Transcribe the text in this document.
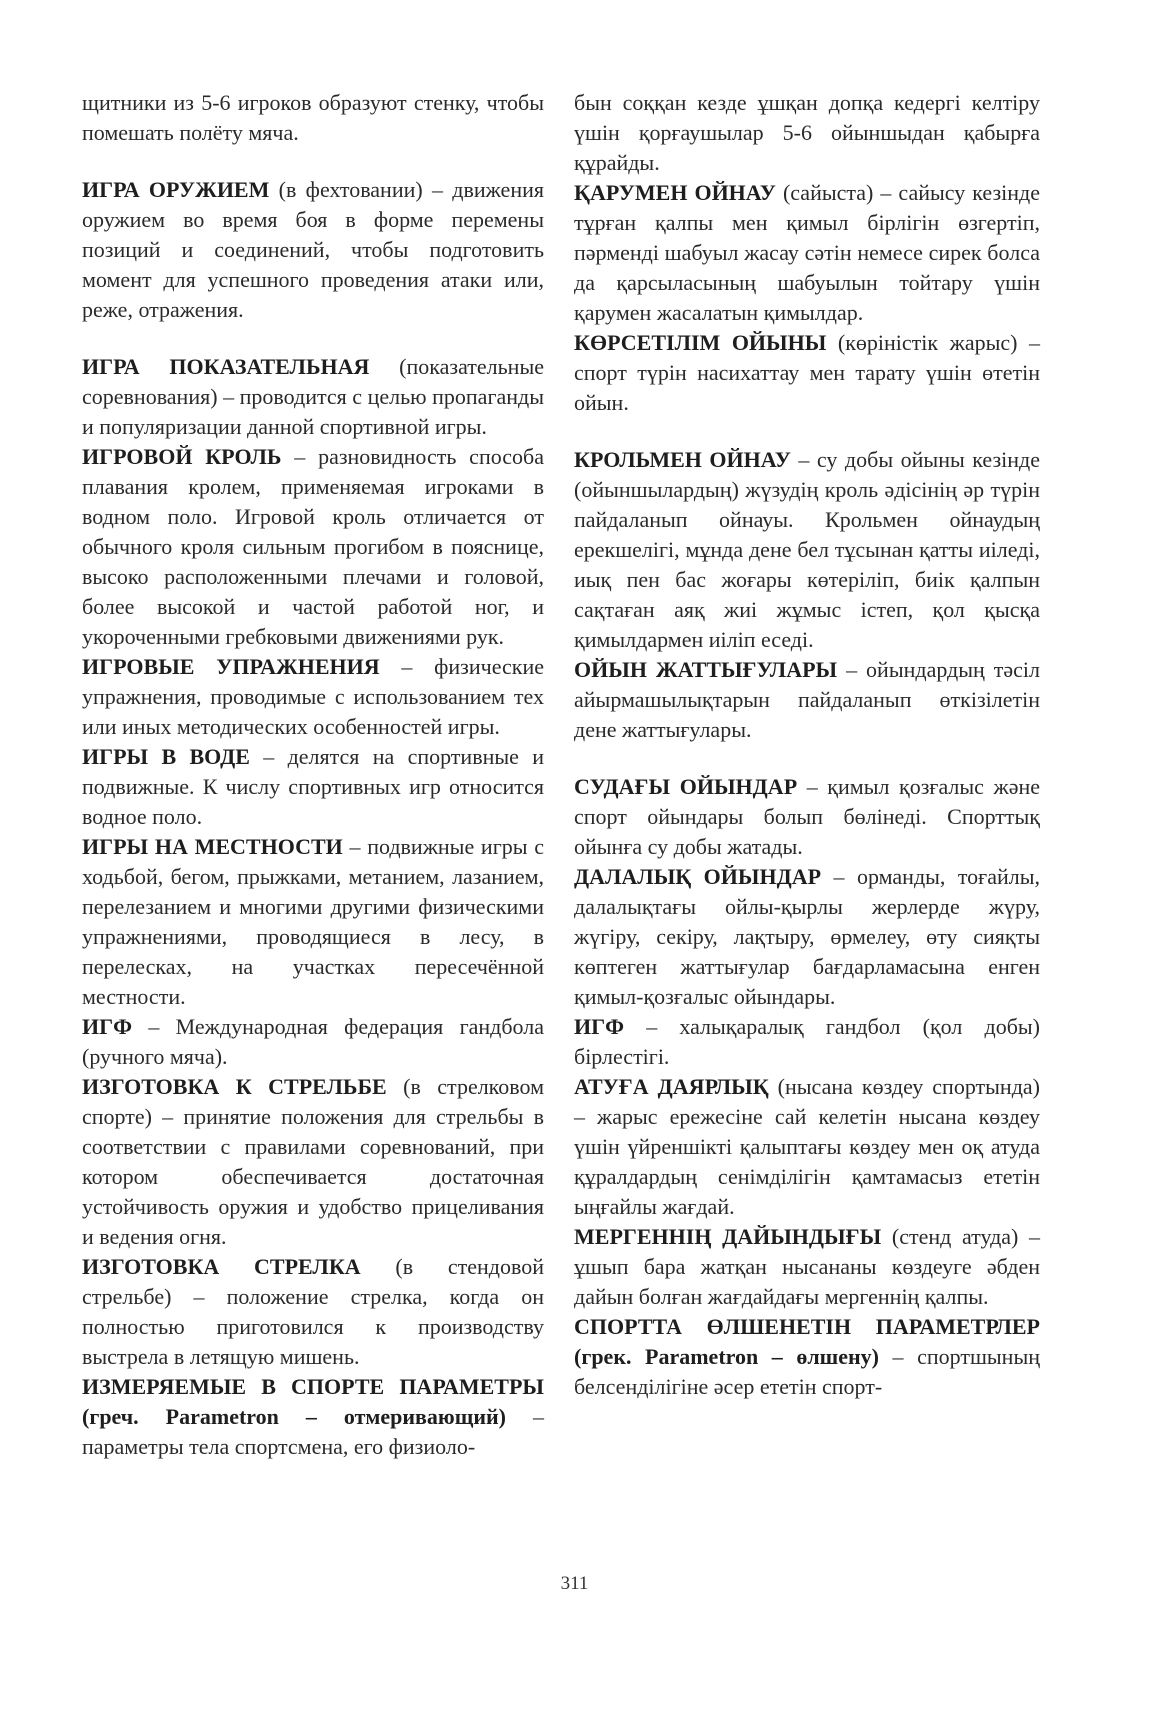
щитники из 5-6 игроков образуют стенку, чтобы помешать полёту мяча.

ИГРА ОРУЖИЕМ (в фехтовании) – движения оружием во время боя в форме перемены позиций и соединений, чтобы подготовить момент для успешного проведения атаки или, реже, отражения.

ИГРА ПОКАЗАТЕЛЬНАЯ (показательные соревнования) – проводится с целью пропаганды и популяризации данной спортивной игры.

ИГРОВОЙ КРОЛЬ – разновидность способа плавания кролем, применяемая игроками в водном поло. Игровой кроль отличается от обычного кроля сильным прогибом в пояснице, высоко расположенными плечами и головой, более высокой и частой работой ног, и укороченными гребковыми движениями рук.

ИГРОВЫЕ УПРАЖНЕНИЯ – физические упражнения, проводимые с использованием тех или иных методических особенностей игры.

ИГРЫ В ВОДЕ – делятся на спортивные и подвижные. К числу спортивных игр относится водное поло.

ИГРЫ НА МЕСТНОСТИ – подвижные игры с ходьбой, бегом, прыжками, метанием, лазанием, перелезанием и многими другими физическими упражнениями, проводящиеся в лесу, в перелесках, на участках пересечённой местности.

ИГФ – Международная федерация гандбола (ручного мяча).

ИЗГОТОВКА К СТРЕЛЬБЕ (в стрелковом спорте) – принятие положения для стрельбы в соответствии с правилами соревнований, при котором обеспечивается достаточная устойчивость оружия и удобство прицеливания и ведения огня.

ИЗГОТОВКА СТРЕЛКА (в стендовой стрельбе) – положение стрелка, когда он полностью приготовился к производству выстрела в летящую мишень.

ИЗМЕРЯЕМЫЕ В СПОРТЕ ПАРАМЕТРЫ (греч. Parametron – отмеривающий) – параметры тела спортсмена, его физиоло-

бын соққан кезде ұшқан допқа кедергі келтіру үшін қорғаушылар 5-6 ойыншыдан қабырға құрайды.

ҚАРУМЕН ОЙНАУ (сайыста) – сайысу кезінде тұрған қалпы мен қимыл бірлігін өзгертіп, пәрменді шабуыл жасау сәтін немесе сирек болса да қарсыласының шабуылын тойтару үшін қарумен жасалатын қимылдар.

КӨРСЕТІЛІМ ОЙЫНЫ (көріністік жарыс) – спорт түрін насихаттау мен тарату үшін өтетін ойын.

КРОЛЬМЕН ОЙНАУ – су добы ойыны кезінде (ойыншылардың) жүзудің кроль әдісінің әр түрін пайдаланып ойнауы. Крольмен ойнаудың ерекшелігі, мұнда дене бел тұсынан қатты иіледі, иық пен бас жоғары көтеріліп, биік қалпын сақтаған аяқ жиі жұмыс істеп, қол қысқа қимылдармен иіліп еседі.

ОЙЫН ЖАТТЫҒУЛАРЫ – ойындардың тәсіл айырмашылықтарын пайдаланып өткізілетін дене жаттығулары.

СУДАҒЫ ОЙЫНДАР – қимыл қозғалыс және спорт ойындары болып бөлінеді. Спорттық ойынға су добы жатады.

ДАЛАЛЫҚ ОЙЫНДАР – орманды, тоғайлы, далалықтағы ойлы-қырлы жерлерде жүру, жүгіру, секіру, лақтыру, өрмелеу, өту сияқты көптеген жаттығулар бағдарламасына енген қимыл-қозғалыс ойындары.

ИГФ – халықаралық гандбол (қол добы) бірлестігі.

АТУҒА ДАЯРЛЫҚ (нысана көздеу спортында) – жарыс ережесіне сай келетін нысана көздеу үшін үйреншікті қалыптағы көздеу мен оқ атуда құралдардың сенімділігін қамтамасыз ететін ыңғайлы жағдай.

МЕРГЕННІҢ ДАЙЫНДЫҒЫ (стенд атуда) – ұшып бара жатқан нысананы көздеуге әбден дайын болған жағдайдағы мергеннің қалпы.

СПОРТТА ӨЛШЕНЕТІН ПАРАМЕТРЛЕР (грек. Parametron – өлшену) – спортшының белсенділігіне әсер ететін спорт-

311
